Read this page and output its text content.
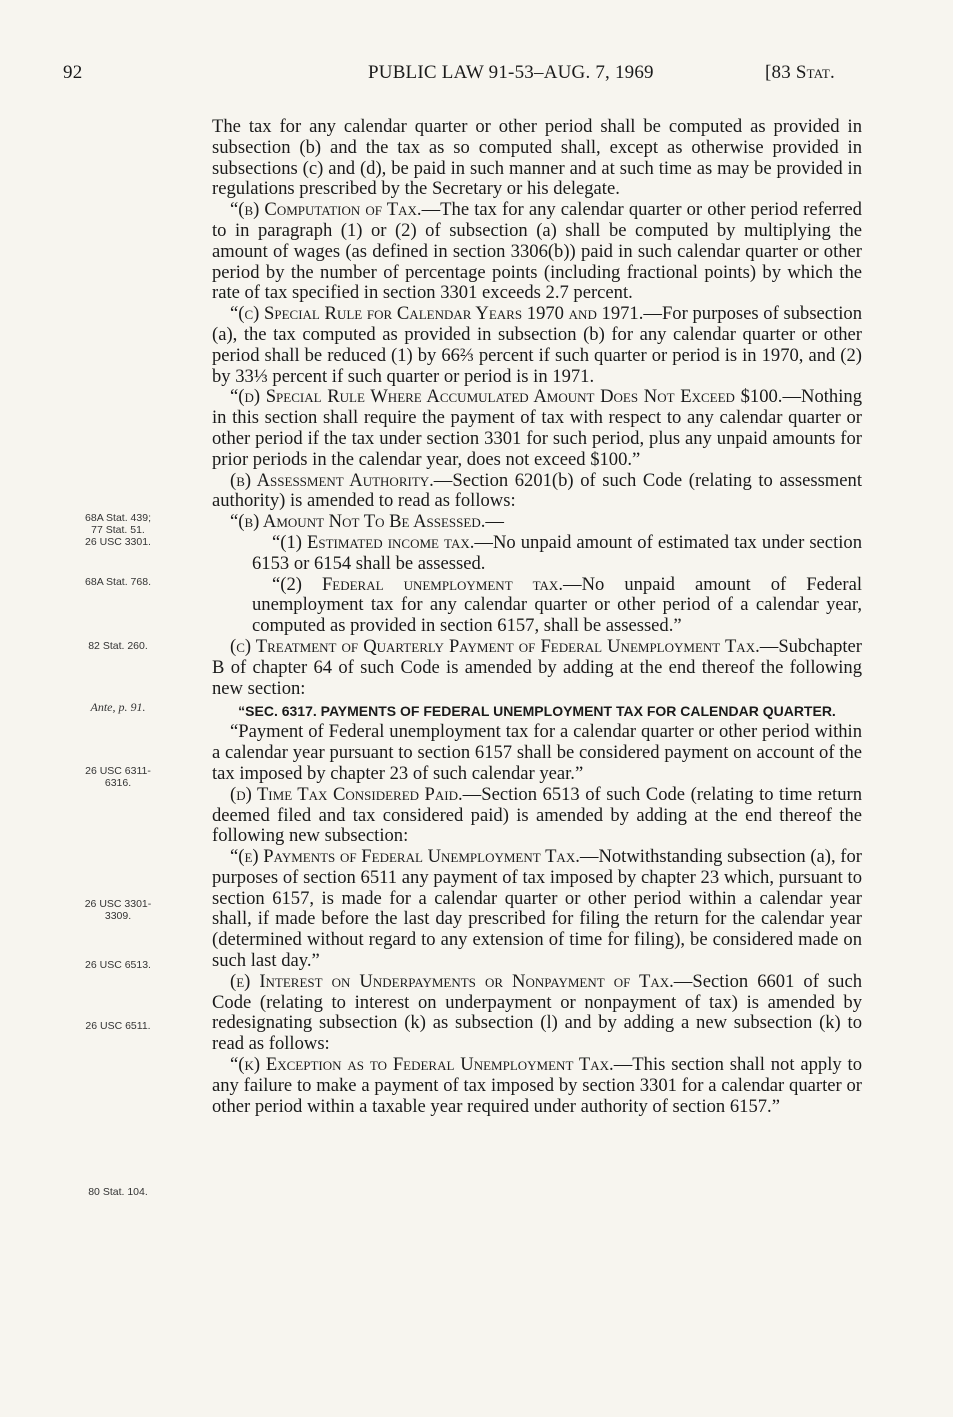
92	PUBLIC LAW 91-53–AUG. 7, 1969	[83 Stat.
68A Stat. 439;
77 Stat. 51.
26 USC 3301.
68A Stat. 768.
82 Stat. 260.
Ante, p. 91.
26 USC 6311-
6316.
26 USC 3301-
3309.
26 USC 6513.
26 USC 6511.
80 Stat. 104.

The tax for any calendar quarter or other period shall be computed as provided in subsection (b) and the tax as so computed shall, except as otherwise provided in subsections (c) and (d), be paid in such manner and at such time as may be provided in regulations prescribed by the Secretary or his delegate.

“(b) Computation of Tax.—The tax for any calendar quarter or other period referred to in paragraph (1) or (2) of subsection (a) shall be computed by multiplying the amount of wages (as defined in section 3306(b)) paid in such calendar quarter or other period by the number of percentage points (including fractional points) by which the rate of tax specified in section 3301 exceeds 2.7 percent.

“(c) Special Rule for Calendar Years 1970 and 1971.—For purposes of subsection (a), the tax computed as provided in subsection (b) for any calendar quarter or other period shall be reduced (1) by 66⅔ percent if such quarter or period is in 1970, and (2) by 33⅓ percent if such quarter or period is in 1971.

“(d) Special Rule Where Accumulated Amount Does Not Exceed $100.—Nothing in this section shall require the payment of tax with respect to any calendar quarter or other period if the tax under section 3301 for such period, plus any unpaid amounts for prior periods in the calendar year, does not exceed $100.”

(b) Assessment Authority.—Section 6201(b) of such Code (relating to assessment authority) is amended to read as follows:

“(b) Amount Not To Be Assessed.—

“(1) Estimated income tax.—No unpaid amount of estimated tax under section 6153 or 6154 shall be assessed.

“(2) Federal unemployment tax.—No unpaid amount of Federal unemployment tax for any calendar quarter or other period of a calendar year, computed as provided in section 6157, shall be assessed.”

(c) Treatment of Quarterly Payment of Federal Unemployment Tax.—Subchapter B of chapter 64 of such Code is amended by adding at the end thereof the following new section:

“SEC. 6317. PAYMENTS OF FEDERAL UNEMPLOYMENT TAX FOR CALENDAR QUARTER.

“Payment of Federal unemployment tax for a calendar quarter or other period within a calendar year pursuant to section 6157 shall be considered payment on account of the tax imposed by chapter 23 of such calendar year.”

(d) Time Tax Considered Paid.—Section 6513 of such Code (relating to time return deemed filed and tax considered paid) is amended by adding at the end thereof the following new subsection:

“(e) Payments of Federal Unemployment Tax.—Notwithstanding subsection (a), for purposes of section 6511 any payment of tax imposed by chapter 23 which, pursuant to section 6157, is made for a calendar quarter or other period within a calendar year shall, if made before the last day prescribed for filing the return for the calendar year (determined without regard to any extension of time for filing), be considered made on such last day.”

(e) Interest on Underpayments or Nonpayment of Tax.—Section 6601 of such Code (relating to interest on underpayment or nonpayment of tax) is amended by redesignating subsection (k) as subsection (l) and by adding a new subsection (k) to read as follows:

“(k) Exception as to Federal Unemployment Tax.—This section shall not apply to any failure to make a payment of tax imposed by section 3301 for a calendar quarter or other period within a taxable year required under authority of section 6157.”
